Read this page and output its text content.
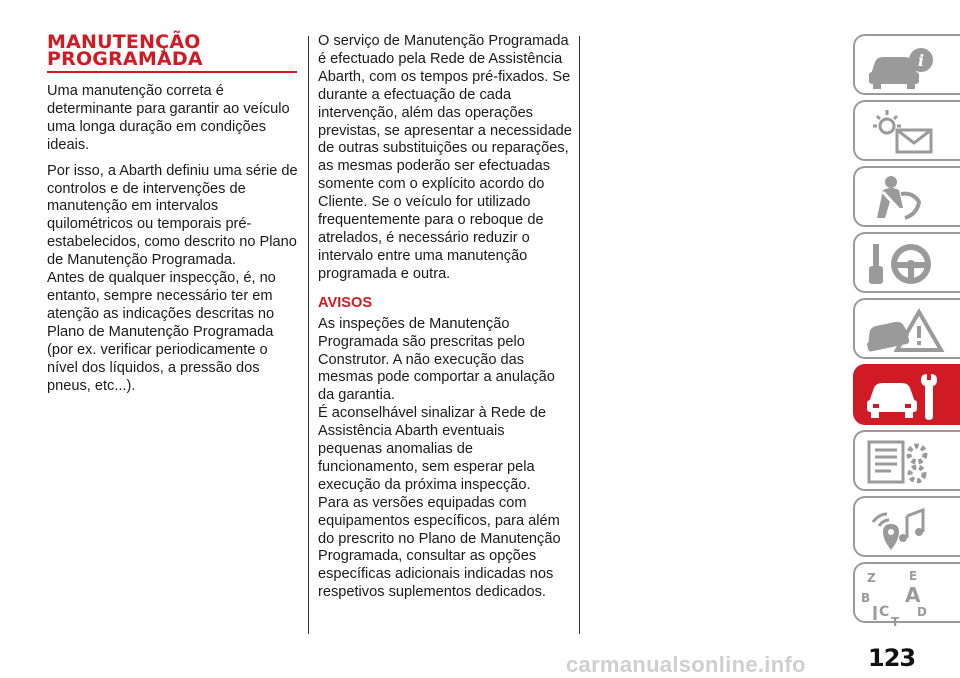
MANUTENÇÃO
PROGRAMADA

Uma manutenção correta é determinante para garantir ao veículo uma longa duração em condições ideais.

Por isso, a Abarth definiu uma série de controlos e de intervenções de manutenção em intervalos quilométricos ou temporais pré-estabelecidos, como descrito no Plano de Manutenção Programada.

Antes de qualquer inspecção, é, no entanto, sempre necessário ter em atenção as indicações descritas no Plano de Manutenção Programada (por ex. verificar periodicamente o nível dos líquidos, a pressão dos pneus, etc...).

O serviço de Manutenção Programada é efectuado pela Rede de Assistência Abarth, com os tempos pré-fixados. Se durante a efectuação de cada intervenção, além das operações previstas, se apresentar a necessidade de outras substituições ou reparações, as mesmas poderão ser efectuadas somente com o explícito acordo do Cliente. Se o veículo for utilizado frequentemente para o reboque de atrelados, é necessário reduzir o intervalo entre uma manutenção programada e outra.

AVISOS

As inspeções de Manutenção Programada são prescritas pelo Construtor. A não execução das mesmas pode comportar a anulação da garantia.

É aconselhável sinalizar à Rede de Assistência Abarth eventuais pequenas anomalias de funcionamento, sem esperar pela execução da próxima inspecção.

Para as versões equipadas com equipamentos específicos, para além do prescrito no Plano de Manutenção Programada, consultar as opções específicas adicionais indicadas nos respetivos suplementos dedicados.

i
Z	E
B A
C D
T
123
carmanualsonline.info
